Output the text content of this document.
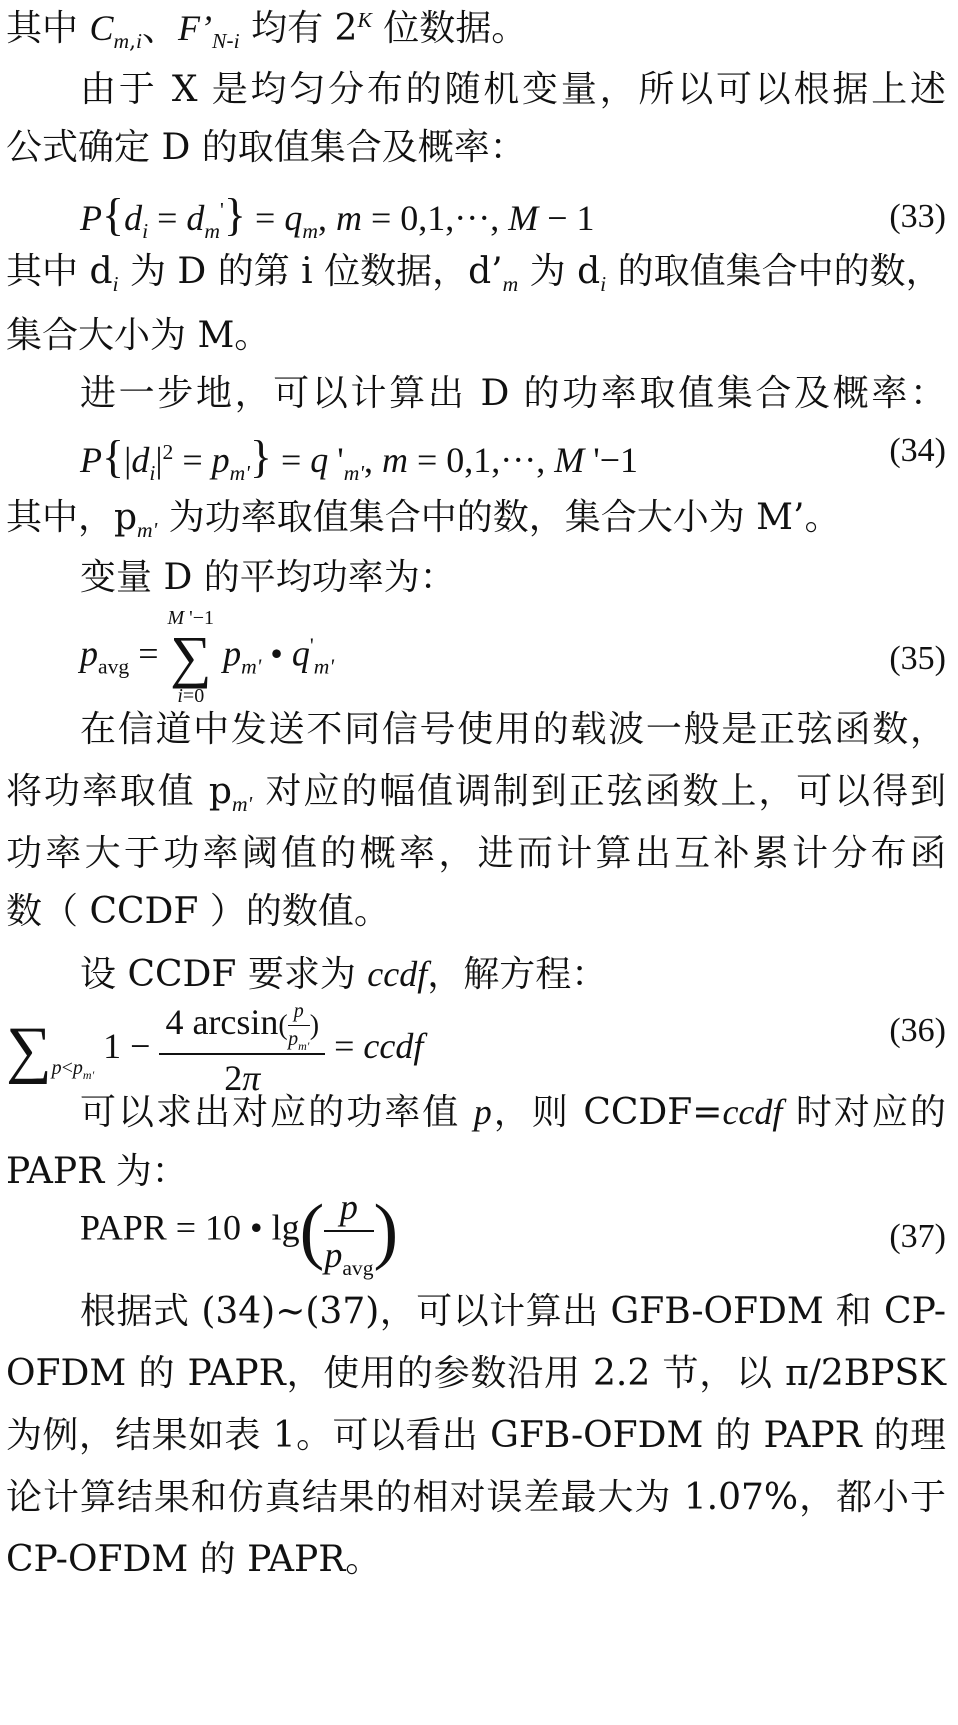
其中 $C_{m,i}$、$F’_{N-i}$ 均有 $2^K$ 位数据。
由于 X 是均匀分布的随机变量，所以可以根据上述
公式确定 D 的取值集合及概率：
$P\{d_i = d_m'\} = q_m$, m = 0,1,···, M − 1	(33)
其中 $d_i$ 为 D 的第 i 位数据，$d’_m$ 为 $d_i$ 的取值集合中的数，
集合大小为 M。
进一步地，可以计算出 D 的功率取值集合及概率：
$P\{|d_i|^2 = p_{m'}\} = q$ '$_{m'}$, m = 0,1,···, M '−1	(34)
其中，$p_{m'}$ 为功率取值集合中的数，集合大小为 M’。
变量 D 的平均功率为：
$p_{avg}$ =
M '−1
∑
i=0
$p_{m'}$ • $q'_{m'}$	(35)
在信道中发送不同信号使用的载波一般是正弦函数，
将功率取值 $p_{m'}$ 对应的幅值调制到正弦函数上，可以得到
功率大于功率阈值的概率，进而计算出互补累计分布函
数（ CCDF ）的数值。
设 CCDF 要求为 ccdf，解方程：
$\sum_{p<p_{m'}}$ $1 - \frac{4 \arcsin( \frac{p}{p_{m'}} )}{2\pi}$ = ccdf	(36)
可以求出对应的功率值 p，则 CCDF=ccdf 时对应的
PAPR 为：
PAPR = 10 • $\lg( \frac{p}{p_{avg}}$ )	(37)
根据式 (34)~(37)，可以计算出 GFB-OFDM 和 CP-
OFDM 的 PAPR，使用的参数沿用 2.2 节，以 π/2BPSK
为例，结果如表 1。可以看出 GFB-OFDM 的 PAPR 的理
论计算结果和仿真结果的相对误差最大为 1.07%，都小于
CP-OFDM 的 PAPR。
